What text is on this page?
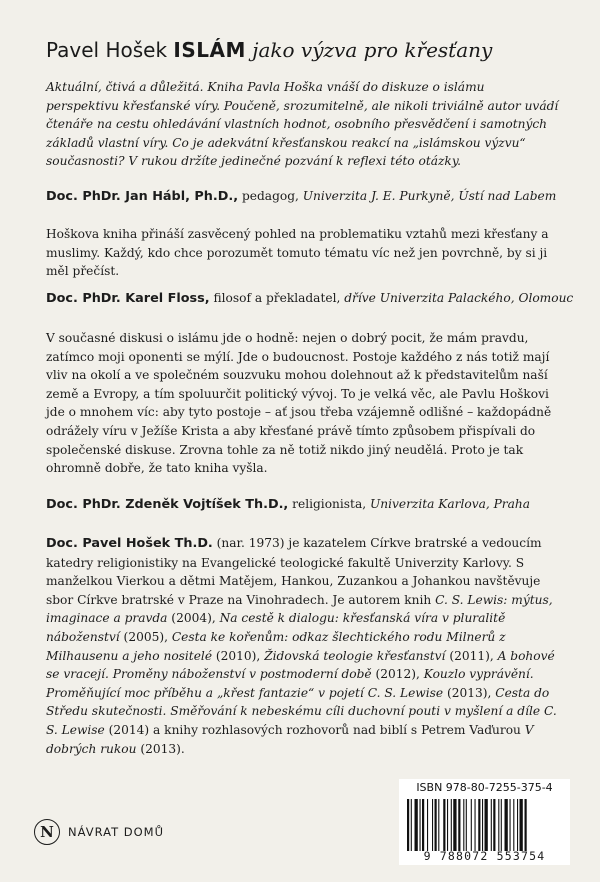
Pavel Hošek ISLÁM jako výzva pro křesťany

Aktuální, čtivá a důležitá. Kniha Pavla Hoška vnáší do diskuze o islámu perspektivu křesťanské víry. Poučeně, srozumitelně, ale nikoli triviálně autor uvádí čtenáře na cestu ohledávání vlastních hodnot, osobního přesvědčení i samotných základů vlastní víry. Co je adekvátní křesťanskou reakcí na „islámskou výzvu“ současnosti? V rukou držíte jedinečné pozvání k reflexi této otázky.

Doc. PhDr. Jan Hábl, Ph.D., pedagog, Univerzita J. E. Purkyně, Ústí nad Labem

Hoškova kniha přináší zasvěcený pohled na problematiku vztahů mezi křesťany a muslimy. Každý, kdo chce porozumět tomuto tématu víc než jen povrchně, by si ji měl přečíst.

Doc. PhDr. Karel Floss, filosof a překladatel, dříve Univerzita Palackého, Olomouc

V současné diskusi o islámu jde o hodně: nejen o dobrý pocit, že mám pravdu, zatímco moji oponenti se mýlí. Jde o budoucnost. Postoje každého z nás totiž mají vliv na okolí a ve společném souzvuku mohou dolehnout až k představitelům naší země a Evropy, a tím spoluurčit politický vývoj. To je velká věc, ale Pavlu Hoškovi jde o mnohem víc: aby tyto postoje – ať jsou třeba vzájemně odlišné – každopádně odrážely víru v Ježíše Krista a aby křesťané právě tímto způsobem přispívali do společenské diskuse. Zrovna tohle za ně totiž nikdo jiný neudělá. Proto je tak ohromně dobře, že tato kniha vyšla.

Doc. PhDr. Zdeněk Vojtíšek Th.D., religionista, Univerzita Karlova, Praha

Doc. Pavel Hošek Th.D. (nar. 1973) je kazatelem Církve bratrské a vedoucím katedry religionistiky na Evangelické teologické fakultě Univerzity Karlovy. S manželkou Vierkou a dětmi Matějem, Hankou, Zuzankou a Johankou navštěvuje sbor Církve bratrské v Praze na Vinohradech. Je autorem knih C. S. Lewis: mýtus, imaginace a pravda (2004), Na cestě k dialogu: křesťanská víra v pluralitě náboženství (2005), Cesta ke kořenům: odkaz šlechtického rodu Milnerů z Milhausenu a jeho nositelé (2010), Židovská teologie křesťanství (2011), A bohové se vracejí. Proměny náboženství v postmoderní době (2012), Kouzlo vyprávění. Proměňující moc příběhu a „křest fantazie“ v pojetí C. S. Lewise (2013), Cesta do Středu skutečnosti. Směřování k nebeskému cíli duchovní pouti v myšlení a díle C. S. Lewise (2014) a knihy rozhlasových rozhovorů nad biblí s Petrem Vaďurou V dobrých rukou (2013).

N	NÁVRAT DOMŮ
ISBN 978-80-7255-375-4
9 788072 553754
